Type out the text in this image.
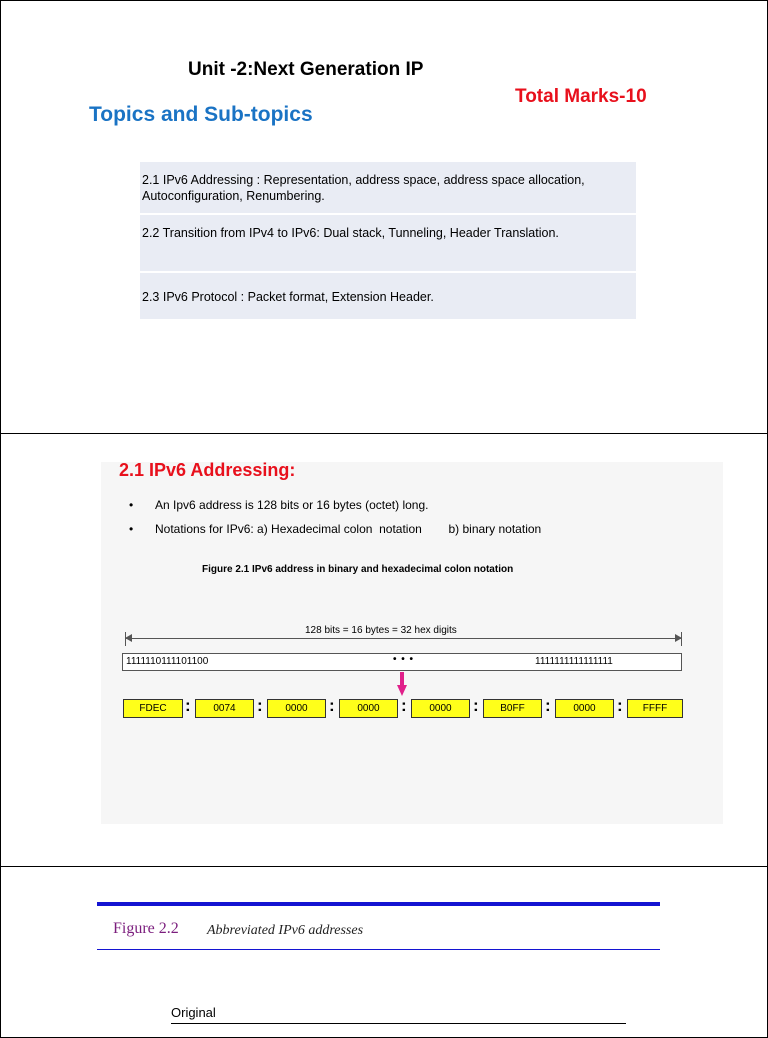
Unit -2:Next Generation IP
Total Marks-10
Topics and Sub-topics
2.1 IPv6 Addressing : Representation, address space, address space allocation, Autoconfiguration, Renumbering.
2.2 Transition from IPv4 to IPv6: Dual stack, Tunneling, Header Translation.
2.3 IPv6 Protocol : Packet format, Extension Header.
2.1 IPv6 Addressing:
• An Ipv6 address is 128 bits or 16 bytes (octet) long.
• Notations for IPv6: a) Hexadecimal colon  notation        b) binary notation
Figure 2.1 IPv6 address in binary and hexadecimal colon notation
128 bits = 16 bytes = 32 hex digits
1111110111101100	• • •	1111111111111111
FDEC	:	0074	:	0000	:	0000	:	0000	:	B0FF	:	0000	:	FFFF
Figure 2.2 Abbreviated IPv6 addresses
Original
